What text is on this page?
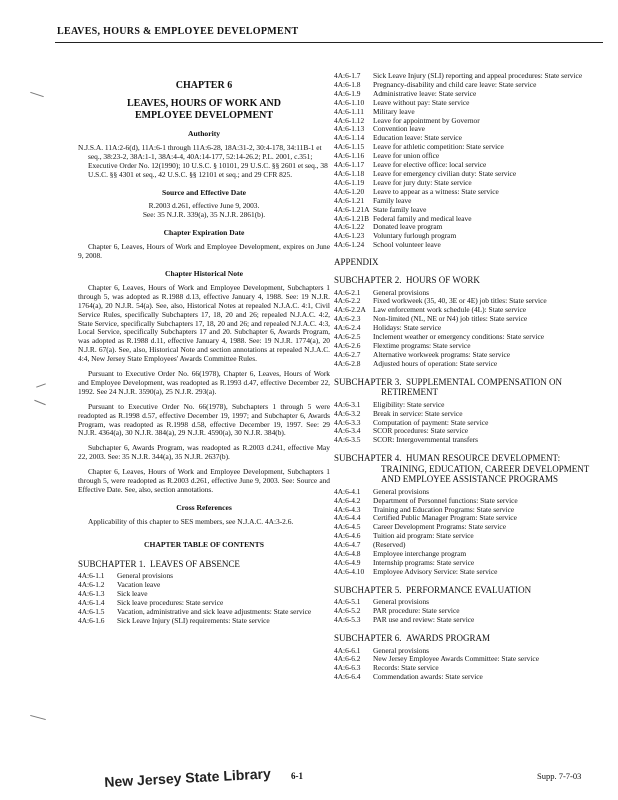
LEAVES, HOURS & EMPLOYEE DEVELOPMENT
CHAPTER 6
LEAVES, HOURS OF WORK AND
EMPLOYEE DEVELOPMENT
Authority

N.J.S.A. 11A:2-6(d), 11A:6-1 through 11A:6-28, 18A:31-2, 30:4-178, 34:11B-1 et seq., 38:23-2, 38A:1-1, 38A:4-4, 40A:14-177, 52:14-26.2; P.L. 2001, c.351; Executive Order No. 12(1990); 10 U.S.C. § 10101, 29 U.S.C. §§ 2601 et seq., 38 U.S.C. §§ 4301 et seq., 42 U.S.C. §§ 12101 et seq.; and 29 CFR 825.

Source and Effective Date

R.2003 d.261, effective June 9, 2003.

See: 35 N.J.R. 339(a), 35 N.J.R. 2861(b).

Chapter Expiration Date

Chapter 6, Leaves, Hours of Work and Employee Development, expires on June 9, 2008.

Chapter Historical Note

Chapter 6, Leaves, Hours of Work and Employee Development, Subchapters 1 through 5, was adopted as R.1988 d.13, effective January 4, 1988. See: 19 N.J.R. 1764(a), 20 N.J.R. 54(a). See, also, Historical Notes at repealed N.J.A.C. 4:1, Civil Service Rules, specifically Subchapters 17, 18, 20 and 26; repealed N.J.A.C. 4:2, State Service, specifically Subchapters 17, 18, 20 and 26; and repealed N.J.A.C. 4:3, Local Service, specifically Subchapters 17 and 20. Subchapter 6, Awards Program, was adopted as R.1988 d.11, effective January 4, 1988. See: 19 N.J.R. 1774(a), 20 N.J.R. 67(a). See, also, Historical Note and section annotations at repealed N.J.A.C. 4:4, New Jersey State Employees' Awards Committee Rules.

Pursuant to Executive Order No. 66(1978), Chapter 6, Leaves, Hours of Work and Employee Development, was readopted as R.1993 d.47, effective December 22, 1992. See 24 N.J.R. 3590(a), 25 N.J.R. 293(a).

Pursuant to Executive Order No. 66(1978), Subchapters 1 through 5 were readopted as R.1998 d.57, effective December 19, 1997; and Subchapter 6, Awards Program, was readopted as R.1998 d.58, effective December 19, 1997. See: 29 N.J.R. 4364(a), 30 N.J.R. 384(a), 29 N.J.R. 4590(a), 30 N.J.R. 384(b).

Subchapter 6, Awards Program, was readopted as R.2003 d.241, effective May 22, 2003. See: 35 N.J.R. 344(a), 35 N.J.R. 2637(b).

Chapter 6, Leaves, Hours of Work and Employee Development, Subchapters 1 through 5, were readopted as R.2003 d.261, effective June 9, 2003. See: Source and Effective Date. See, also, section annotations.

Cross References

Applicability of this chapter to SES members, see N.J.A.C. 4A:3-2.6.

CHAPTER TABLE OF CONTENTS
SUBCHAPTER 1. LEAVES OF ABSENCE
4A:6-1.1	General provisions
4A:6-1.2	Vacation leave
4A:6-1.3	Sick leave
4A:6-1.4	Sick leave procedures: State service
4A:6-1.5	Vacation, administrative and sick leave adjustments: State service
4A:6-1.6	Sick Leave Injury (SLI) requirements: State service
4A:6-1.7	Sick Leave Injury (SLI) reporting and appeal procedures: State service
4A:6-1.8	Pregnancy-disability and child care leave: State service
4A:6-1.9	Administrative leave: State service
4A:6-1.10	Leave without pay: State service
4A:6-1.11	Military leave
4A:6-1.12	Leave for appointment by Governor
4A:6-1.13	Convention leave
4A:6-1.14	Education leave: State service
4A:6-1.15	Leave for athletic competition: State service
4A:6-1.16	Leave for union office
4A:6-1.17	Leave for elective office: local service
4A:6-1.18	Leave for emergency civilian duty: State service
4A:6-1.19	Leave for jury duty: State service
4A:6-1.20	Leave to appear as a witness: State service
4A:6-1.21	Family leave
4A:6-1.21A State family leave
4A:6-1.21B Federal family and medical leave
4A:6-1.22	Donated leave program
4A:6-1.23	Voluntary furlough program
4A:6-1.24	School volunteer leave
APPENDIX
SUBCHAPTER 2. HOURS OF WORK
4A:6-2.1	General provisions
4A:6-2.2	Fixed workweek (35, 40, 3E or 4E) job titles: State service
4A:6-2.2A Law enforcement work schedule (4L): State service
4A:6-2.3	Non-limited (NL, NE or N4) job titles: State service
4A:6-2.4	Holidays: State service
4A:6-2.5	Inclement weather or emergency conditions: State service
4A:6-2.6	Flextime programs: State service
4A:6-2.7	Alternative workweek programs: State service
4A:6-2.8	Adjusted hours of operation: State service
SUBCHAPTER 3. SUPPLEMENTAL COMPENSATION ON RETIREMENT
4A:6-3.1	Eligibility: State service
4A:6-3.2	Break in service: State service
4A:6-3.3	Computation of payment: State service
4A:6-3.4	SCOR procedures: State service
4A:6-3.5	SCOR: Intergovernmental transfers
SUBCHAPTER 4. HUMAN RESOURCE DEVELOPMENT: TRAINING, EDUCATION, CAREER DEVELOPMENT AND EMPLOYEE ASSISTANCE PROGRAMS
4A:6-4.1	General provisions
4A:6-4.2	Department of Personnel functions: State service
4A:6-4.3	Training and Education Programs: State service
4A:6-4.4	Certified Public Manager Program: State service
4A:6-4.5	Career Development Programs: State service
4A:6-4.6	Tuition aid program: State service
4A:6-4.7	(Reserved)
4A:6-4.8	Employee interchange program
4A:6-4.9	Internship programs: State service
4A:6-4.10	Employee Advisory Service: State service
SUBCHAPTER 5. PERFORMANCE EVALUATION
4A:6-5.1	General provisions
4A:6-5.2	PAR procedure: State service
4A:6-5.3	PAR use and review: State service
SUBCHAPTER 6. AWARDS PROGRAM
4A:6-6.1	General provisions
4A:6-6.2	New Jersey Employee Awards Committee: State service
4A:6-6.3	Records: State service
4A:6-6.4	Commendation awards: State service
6-1	Supp. 7-7-03
New Jersey State Library
